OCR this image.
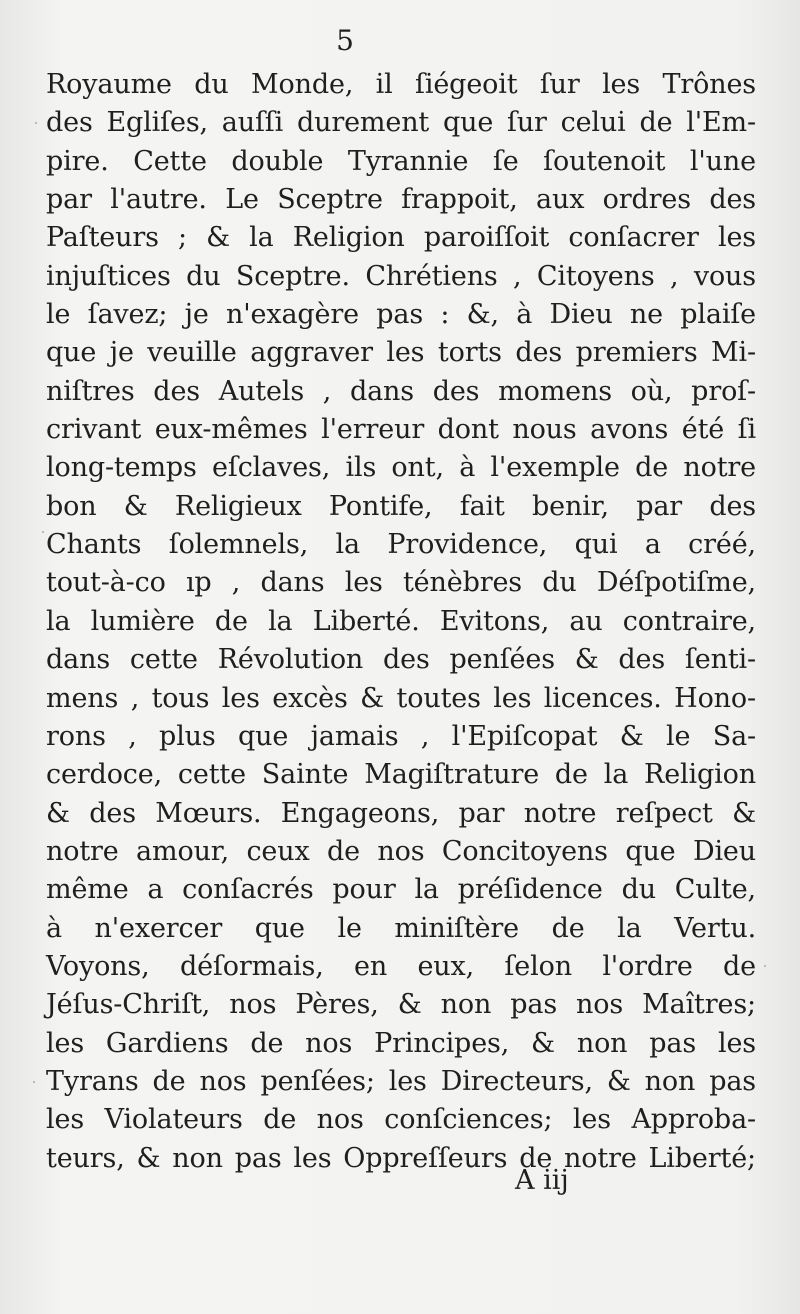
5
Royaume du Monde, il ſiégeoit ſur les Trônes
des Egliſes, auſſi durement que ſur celui de l'Em-
pire. Cette double Tyrannie ſe ſoutenoit l'une
par l'autre. Le Sceptre frappoit, aux ordres des
Paſteurs ; & la Religion paroiſſoit conſacrer les
injuſtices du Sceptre. Chrétiens , Citoyens , vous
le ſavez; je n'exagère pas : &, à Dieu ne plaiſe
que je veuille aggraver les torts des premiers Mi-
niſtres des Autels , dans des momens où, proſ-
crivant eux-mêmes l'erreur dont nous avons été ſi
long-temps eſclaves, ils ont, à l'exemple de notre
bon & Religieux Pontife, fait benir, par des
Chants ſolemnels, la Providence, qui a créé,
tout-à-co ıp , dans les ténèbres du Déſpotiſme,
la lumière de la Liberté. Evitons, au contraire,
dans cette Révolution des penſées & des ſenti-
mens , tous les excès & toutes les licences. Hono-
rons , plus que jamais , l'Epiſcopat & le Sa-
cerdoce, cette Sainte Magiſtrature de la Religion
& des Mœurs. Engageons, par notre reſpect &
notre amour, ceux de nos Concitoyens que Dieu
même a conſacrés pour la préſidence du Culte,
à n'exercer que le miniſtère de la Vertu.
Voyons, déſormais, en eux, ſelon l'ordre de
Jéſus-Chriſt, nos Pères, & non pas nos Maîtres;
les Gardiens de nos Principes, & non pas les
Tyrans de nos penſées; les Directeurs, & non pas
les Violateurs de nos conſciences; les Approba-
teurs, & non pas les Oppreſſeurs de notre Liberté;
A iij
